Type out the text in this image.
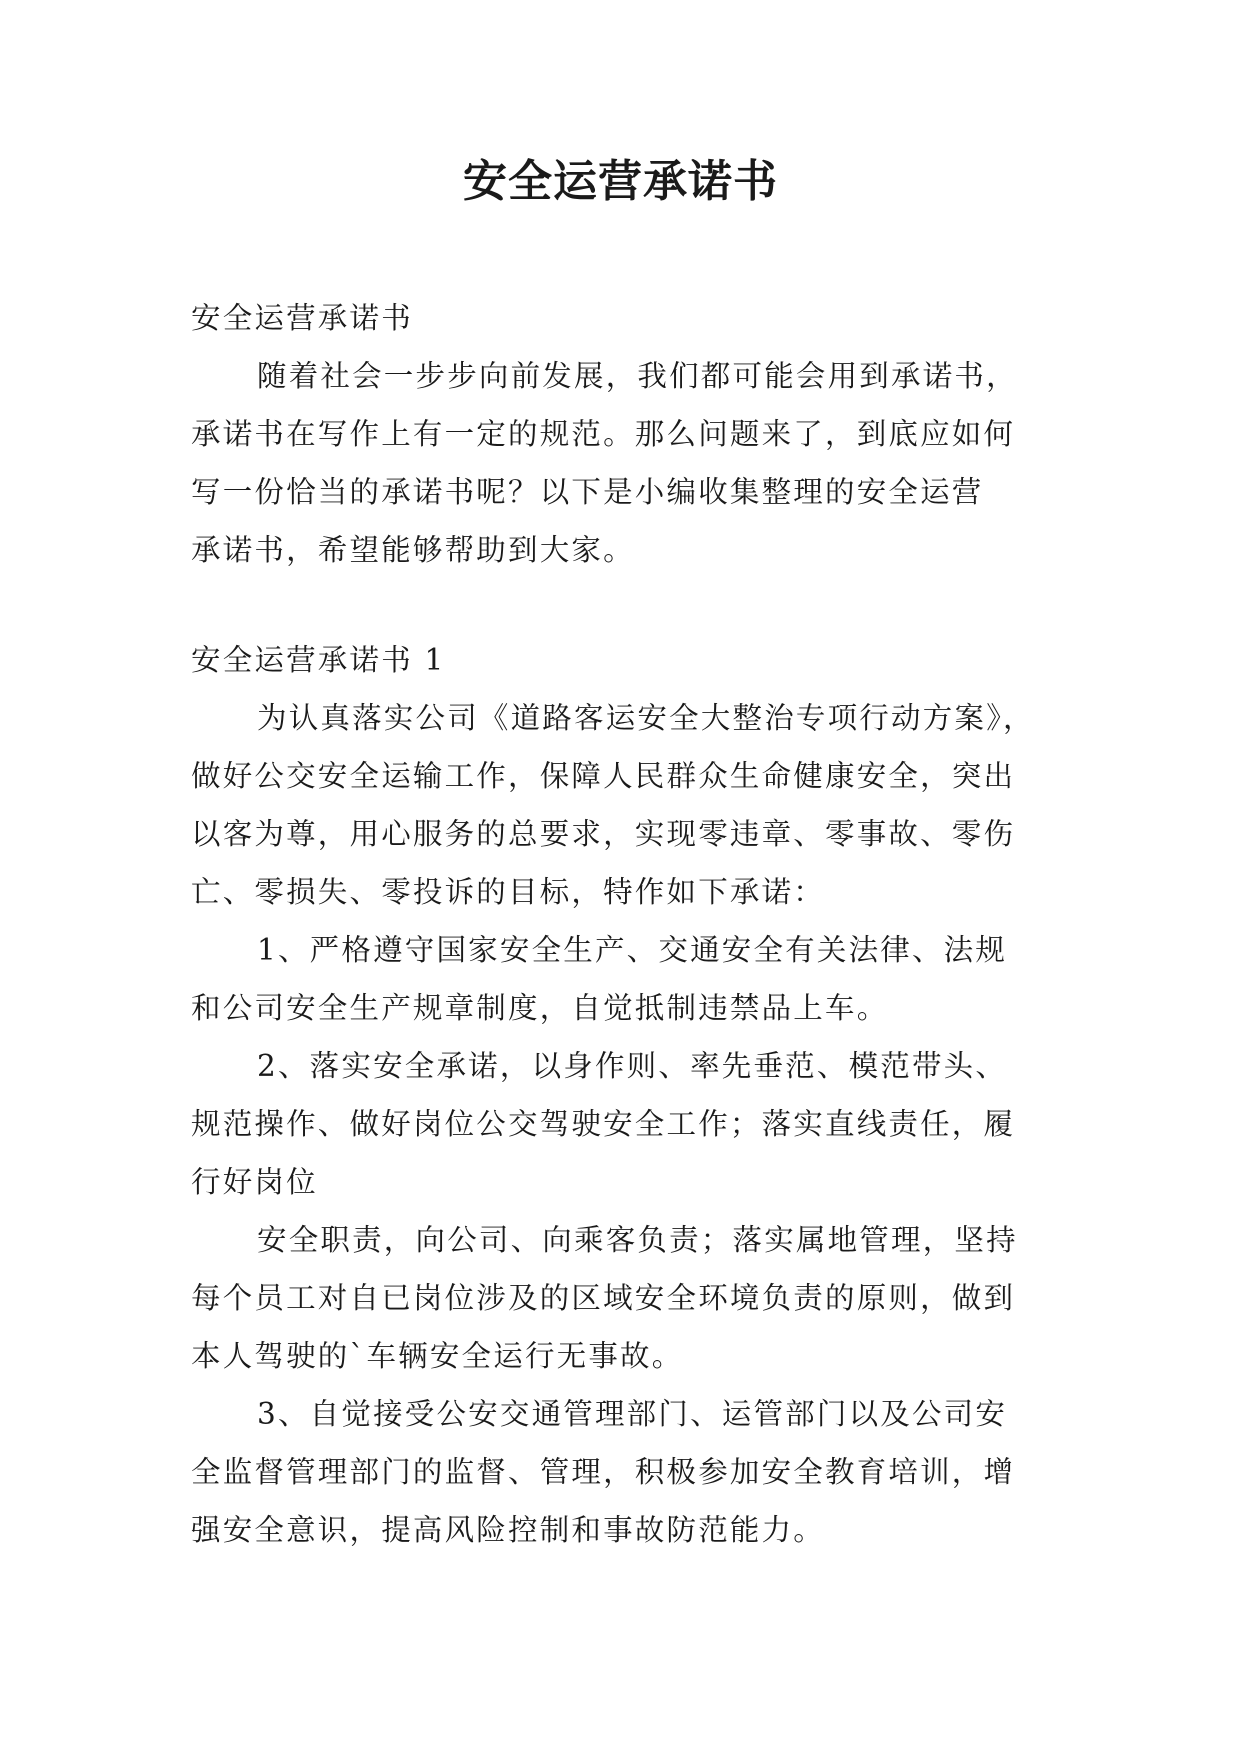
安全运营承诺书

安全运营承诺书

随着社会一步步向前发展，我们都可能会用到承诺书，

承诺书在写作上有一定的规范。那么问题来了，到底应如何

写一份恰当的承诺书呢？以下是小编收集整理的安全运营

承诺书，希望能够帮助到大家。

安全运营承诺书 1

为认真落实公司《道路客运安全大整治专项行动方案》，

做好公交安全运输工作，保障人民群众生命健康安全，突出

以客为尊，用心服务的总要求，实现零违章、零事故、零伤

亡、零损失、零投诉的目标，特作如下承诺：

1、严格遵守国家安全生产、交通安全有关法律、法规

和公司安全生产规章制度，自觉抵制违禁品上车。

2、落实安全承诺，以身作则、率先垂范、模范带头、

规范操作、做好岗位公交驾驶安全工作；落实直线责任，履

行好岗位

安全职责，向公司、向乘客负责；落实属地管理，坚持

每个员工对自已岗位涉及的区域安全环境负责的原则，做到

本人驾驶的`车辆安全运行无事故。

3、自觉接受公安交通管理部门、运管部门以及公司安

全监督管理部门的监督、管理，积极参加安全教育培训，增

强安全意识，提高风险控制和事故防范能力。
